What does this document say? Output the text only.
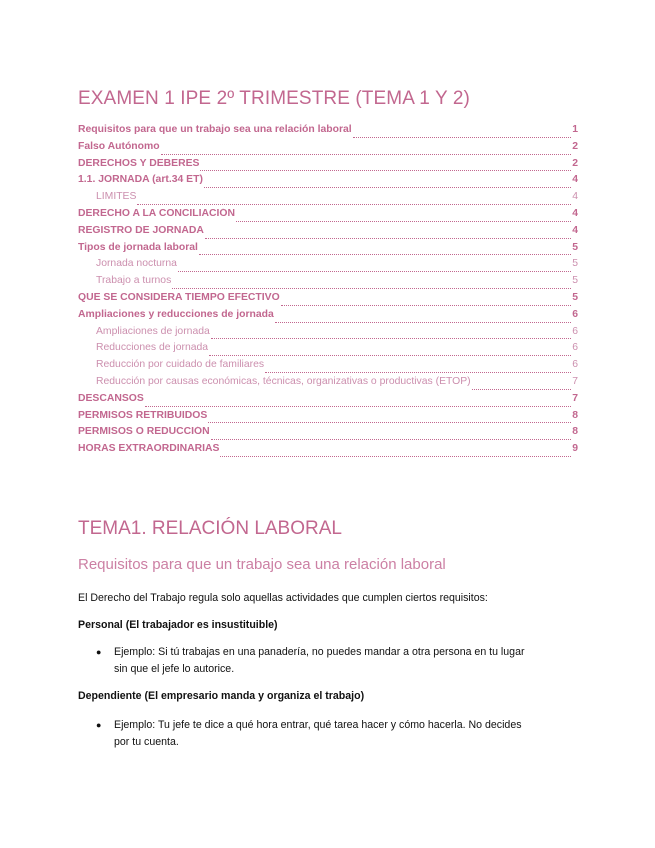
EXAMEN 1 IPE 2º TRIMESTRE (TEMA 1 Y 2)
Requisitos para que un trabajo sea una relación laboral	1
Falso Autónomo	2
DERECHOS Y DEBERES	2
1.1. JORNADA (art.34 ET)	4
LIMITES	4
DERECHO A LA CONCILIACIÓN	4
REGISTRO DE JORNADA	4
Tipos de jornada laboral	5
Jornada nocturna	5
Trabajo a turnos	5
QUE SE CONSIDERA TIEMPO EFECTIVO	5
Ampliaciones y reducciones de jornada	6
Ampliaciones de jornada	6
Reducciones de jornada	6
Reducción por cuidado de familiares	6
Reducción por causas económicas, técnicas, organizativas o productivas (ETOP)	7
DESCANSOS	7
PERMISOS RETRIBUIDOS	8
PERMISOS O REDUCCIÓN	8
HORAS EXTRAORDINARIAS	9
TEMA1. RELACIÓN LABORAL
Requisitos para que un trabajo sea una relación laboral

El Derecho del Trabajo regula solo aquellas actividades que cumplen ciertos requisitos:

Personal (El trabajador es insustituible)

●	Ejemplo: Si tú trabajas en una panadería, no puedes mandar a otra persona en tu lugar
sin que el jefe lo autorice.

Dependiente (El empresario manda y organiza el trabajo)

●	Ejemplo: Tu jefe te dice a qué hora entrar, qué tarea hacer y cómo hacerla. No decides
por tu cuenta.
